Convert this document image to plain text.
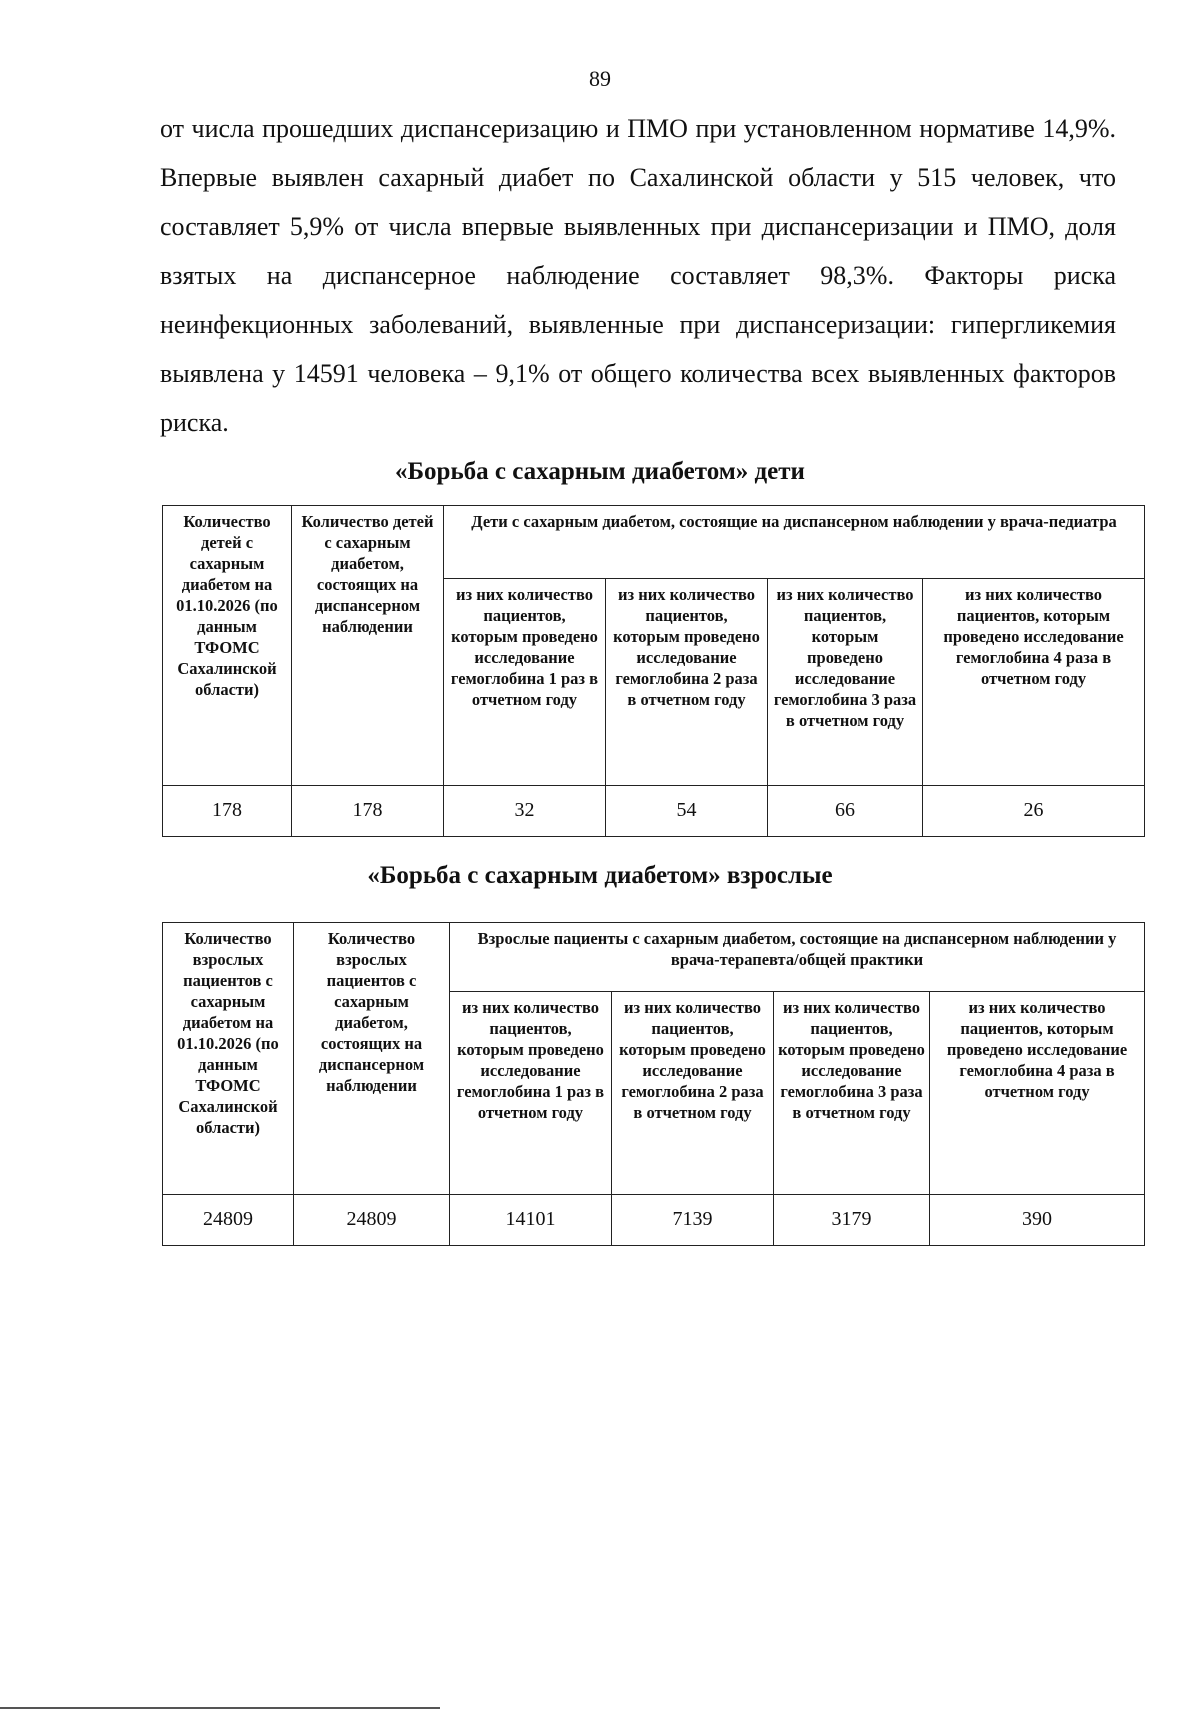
89
от числа прошедших диспансеризацию и ПМО при установленном нормативе 14,9%. Впервые выявлен сахарный диабет по Сахалинской области у 515 человек, что составляет 5,9% от числа впервые выявленных при диспансеризации и ПМО, доля взятых на диспансерное наблюдение составляет 98,3%. Факторы риска неинфекционных заболеваний, выявленные при диспансеризации: гипергликемия выявлена у 14591 человека – 9,1% от общего количества всех выявленных факторов риска.
«Борьба с сахарным диабетом» дети
Количество детей с сахарным диабетом на 01.10.2026 (по данным ТФОМС Сахалинской области)	Количество детей с сахарным диабетом, состоящих на диспансерном наблюдении	Дети с сахарным диабетом, состоящие на диспансерном наблюдении у врача-педиатра			
		из них количество пациентов, которым проведено исследование гемоглобина 1 раз в отчетном году	из них количество пациентов, которым проведено исследование гемоглобина 2 раза в отчетном году	из них количество пациентов, которым проведено исследование гемоглобина 3 раза в отчетном году	из них количество пациентов, которым проведено исследование гемоглобина 4 раза в отчетном году
178	178	32	54	66	26
«Борьба с сахарным диабетом» взрослые
Количество взрослых пациентов с сахарным диабетом на 01.10.2026 (по данным ТФОМС Сахалинской области)	Количество взрослых пациентов с сахарным диабетом, состоящих на диспансерном наблюдении	Взрослые пациенты с сахарным диабетом, состоящие на диспансерном наблюдении у врача-терапевта/общей практики			
		из них количество пациентов, которым проведено исследование гемоглобина 1 раз в отчетном году	из них количество пациентов, которым проведено исследование гемоглобина 2 раза в отчетном году	из них количество пациентов, которым проведено исследование гемоглобина 3 раза в отчетном году	из них количество пациентов, которым проведено исследование гемоглобина 4 раза в отчетном году
24809	24809	14101	7139	3179	390
